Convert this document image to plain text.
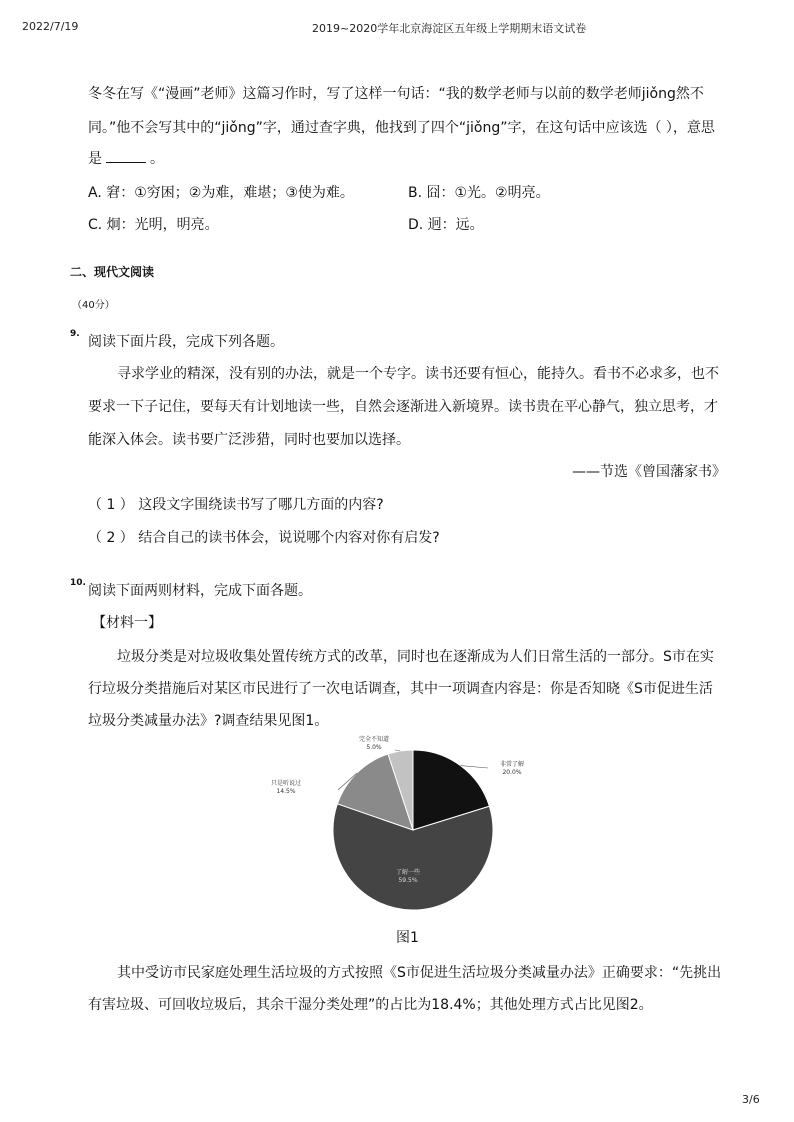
2022/7/19	2019~2020学年北京海淀区五年级上学期期末语文试卷
冬冬在写《“漫画”老师》这篇习作时，写了这样一句话：“我的数学老师与以前的数学老师jiǒng然不
同。”他不会写其中的“jiǒng”字，通过查字典，他找到了四个“jiǒng”字，在这句话中应该选（ ），意思
是	。
A. 窘：①穷困；②为难，难堪；③使为难。	B. 囧：①光。②明亮。
C. 炯：光明，明亮。	D. 迥：远。
二、现代文阅读
（40分）
9. 阅读下面片段，完成下列各题。
寻求学业的精深，没有别的办法，就是一个专字。读书还要有恒心，能持久。看书不必求多，也不
要求一下子记住，要每天有计划地读一些，自然会逐渐进入新境界。读书贵在平心静气，独立思考，才
能深入体会。读书要广泛涉猎，同时也要加以选择。
——节选《曾国藩家书》
（ 1 ） 这段文字围绕读书写了哪几方面的内容?
（ 2 ） 结合自己的读书体会，说说哪个内容对你有启发?
10. 阅读下面两则材料，完成下面各题。
【材料一】
垃圾分类是对垃圾收集处置传统方式的改革，同时也在逐渐成为人们日常生活的一部分。S市在实
行垃圾分类措施后对某区市民进行了一次电话调查，其中一项调查内容是：你是否知晓《S市促进生活
垃圾分类减量办法》?调查结果见图1。
非常了解
20.0%
了解一些
59.5%
只是听说过
14.5%
完全不知道
5.0%
图1
其中受访市民家庭处理生活垃圾的方式按照《S市促进生活垃圾分类减量办法》正确要求：“先挑出
有害垃圾、可回收垃圾后，其余干湿分类处理”的占比为18.4%；其他处理方式占比见图2。
3/6
